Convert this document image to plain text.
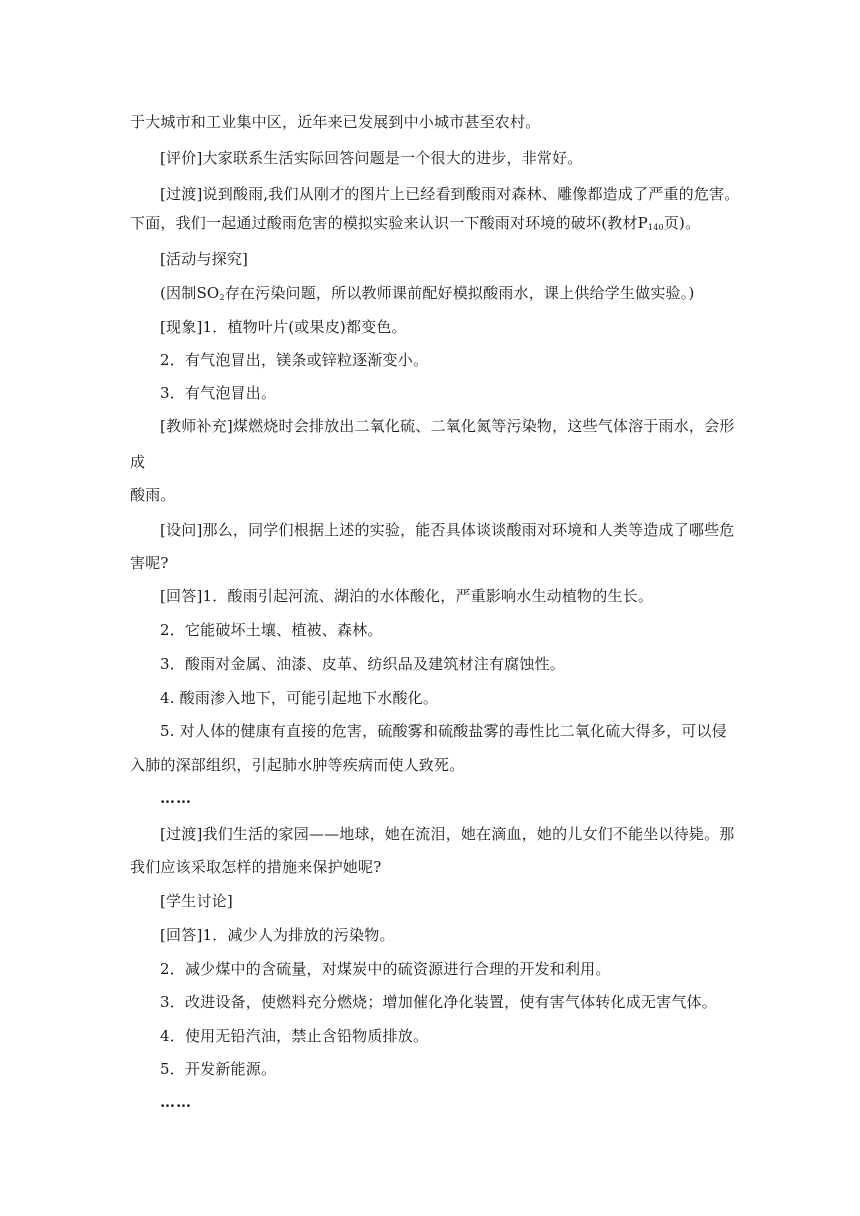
于大城市和工业集中区，近年来已发展到中小城市甚至农村。
[评价]大家联系生活实际回答问题是一个很大的进步，非常好。
[过渡]说到酸雨,我们从刚才的图片上已经看到酸雨对森林、雕像都造成了严重的危害。
下面，我们一起通过酸雨危害的模拟实验来认识一下酸雨对环境的破坏(教材$P_{140}$页)。
[活动与探究]
(因制$SO_2$存在污染问题，所以教师课前配好模拟酸雨水，课上供给学生做实验。)
[现象]1．植物叶片(或果皮)都变色。
2．有气泡冒出，镁条或锌粒逐渐变小。
3．有气泡冒出。
[教师补充]煤燃烧时会排放出二氧化硫、二氧化氮等污染物，这些气体溶于雨水，会形
成
酸雨。
[设问]那么，同学们根据上述的实验，能否具体谈谈酸雨对环境和人类等造成了哪些危
害呢?
[回答]1．酸雨引起河流、湖泊的水体酸化，严重影响水生动植物的生长。
2．它能破坏土壤、植被、森林。
3．酸雨对金属、油漆、皮革、纺织品及建筑材注有腐蚀性。
4. 酸雨渗入地下，可能引起地下水酸化。
5. 对人体的健康有直接的危害，硫酸雾和硫酸盐雾的毒性比二氧化硫大得多，可以侵
入肺的深部组织，引起肺水肿等疾病而使人致死。
……
[过渡]我们生活的家园——地球，她在流泪，她在滴血，她的儿女们不能坐以待毙。那
我们应该采取怎样的措施来保护她呢?
[学生讨论]
[回答]1．减少人为排放的污染物。
2．减少煤中的含硫量，对煤炭中的硫资源进行合理的开发和利用。
3．改进设备，使燃料充分燃烧；增加催化净化装置，使有害气体转化成无害气体。
4．使用无铅汽油，禁止含铅物质排放。
5．开发新能源。
……
